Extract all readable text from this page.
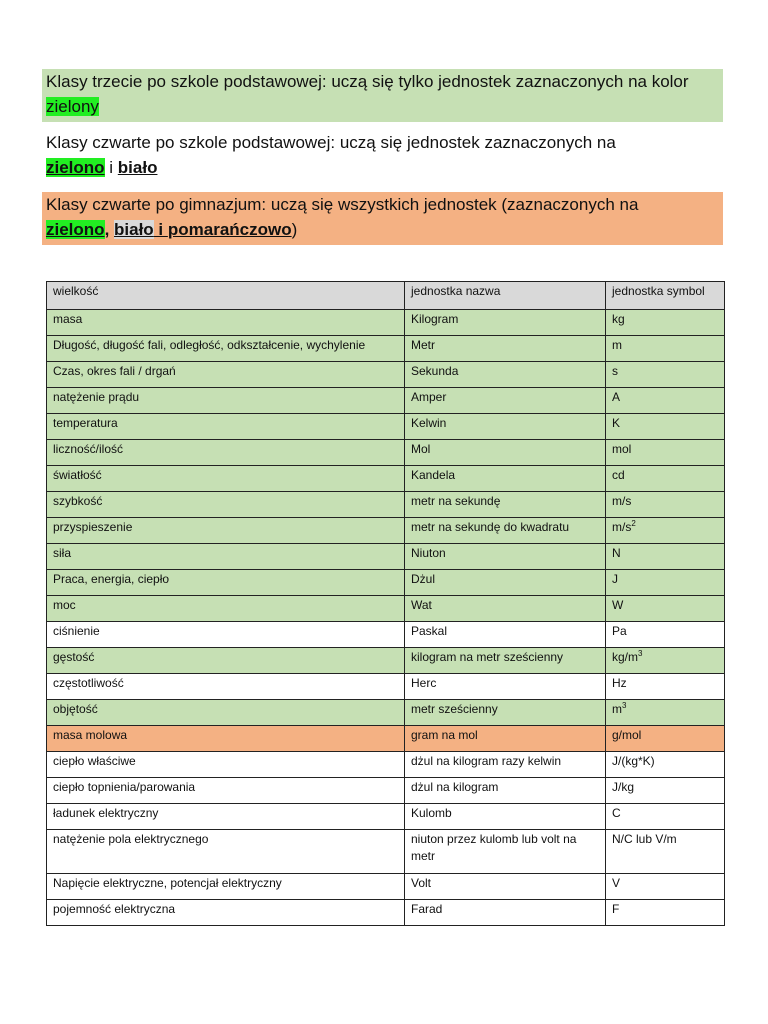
Klasy trzecie po szkole podstawowej: uczą się tylko jednostek zaznaczonych na kolor zielony
Klasy czwarte po szkole podstawowej: uczą się jednostek zaznaczonych na
zielono i biało
Klasy czwarte po gimnazjum: uczą się wszystkich jednostek (zaznaczonych na
zielono, biało i pomarańczowo)
wielkość	jednostka nazwa	jednostka symbol
masa	Kilogram	kg
Długość, długość fali, odległość, odkształcenie, wychylenie	Metr	m
Czas, okres fali / drgań	Sekunda	s
natężenie prądu	Amper	A
temperatura	Kelwin	K
liczność/ilość	Mol	mol
światłość	Kandela	cd
szybkość	metr na sekundę	m/s
przyspieszenie	metr na sekundę do kwadratu	$m/s^2$
siła	Niuton	N
Praca, energia, ciepło	Dżul	J
moc	Wat	W
ciśnienie	Paskal	Pa
gęstość	kilogram na metr sześcienny	$kg/m^3$
częstotliwość	Herc	Hz
objętość	metr sześcienny	$m^3$
masa molowa	gram na mol	g/mol
ciepło właściwe	dżul na kilogram razy kelwin	J/(kg*K)
ciepło topnienia/parowania	dżul na kilogram	J/kg
ładunek elektryczny	Kulomb	C
natężenie pola elektrycznego	niuton przez kulomb lub volt na metr	N/C lub V/m
Napięcie elektryczne, potencjał elektryczny	Volt	V
pojemność elektryczna	Farad	F
